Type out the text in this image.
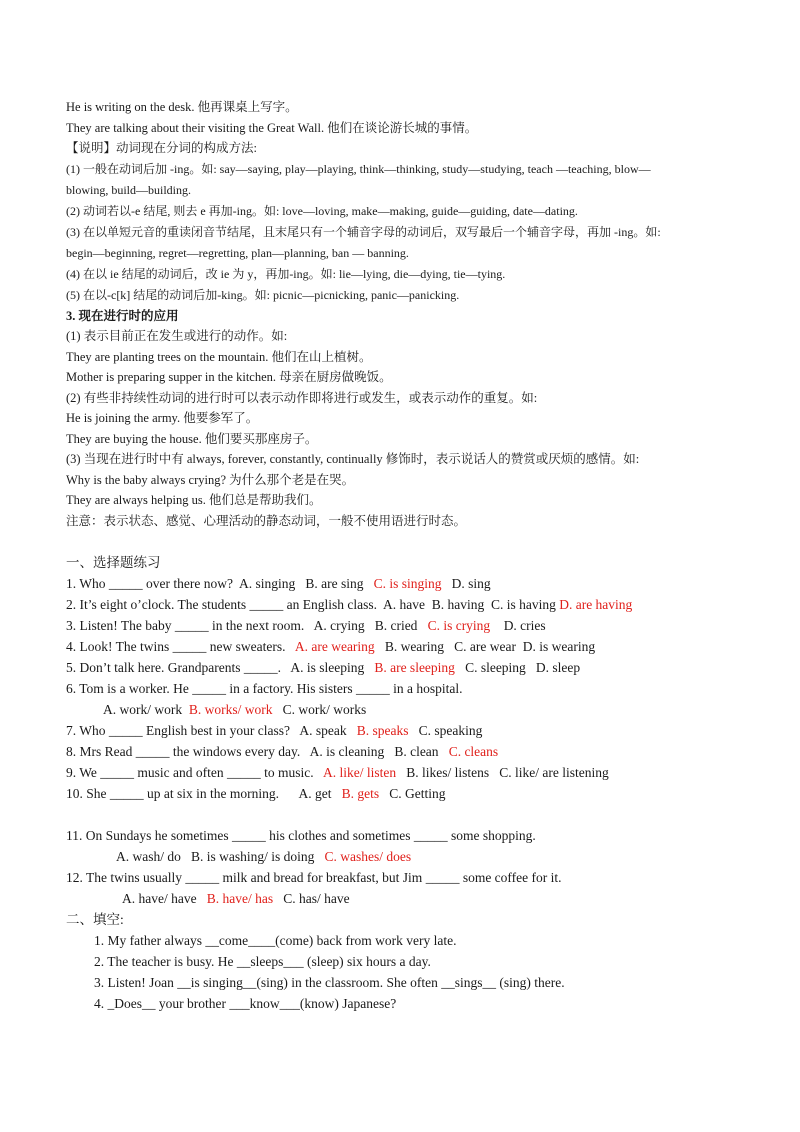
He is writing on the desk. 他再课桌上写字。
They are talking about their visiting the Great Wall. 他们在谈论游长城的事情。
【说明】动词现在分词的构成方法:
(1) 一般在动词后加 -ing。如: say—saying, play—playing, think—thinking, study—studying, teach —teaching, blow—
blowing, build—building.
(2) 动词若以-e 结尾, 则去 e 再加-ing。如: love—loving, make—making, guide—guiding, date—dating.
(3) 在以单短元音的重读闭音节结尾，且末尾只有一个辅音字母的动词后，双写最后一个辅音字母，再加 -ing。如:
begin—beginning, regret—regretting, plan—planning, ban — banning.
(4) 在以 ie 结尾的动词后，改 ie 为 y，再加-ing。如: lie—lying, die—dying, tie—tying.
(5) 在以-c[k] 结尾的动词后加-king。如: picnic—picnicking, panic—panicking.
3. 现在进行时的应用
(1) 表示目前正在发生或进行的动作。如:
They are planting trees on the mountain. 他们在山上植树。
Mother is preparing supper in the kitchen. 母亲在厨房做晚饭。
(2) 有些非持续性动词的进行时可以表示动作即将进行或发生，或表示动作的重复。如:
He is joining the army. 他要参军了。
They are buying the house. 他们要买那座房子。
(3) 当现在进行时中有 always, forever, constantly, continually 修饰时，表示说话人的赞赏或厌烦的感情。如:
Why is the baby always crying? 为什么那个老是在哭。
They are always helping us. 他们总是帮助我们。
注意：表示状态、感觉、心理活动的静态动词，一般不使用语进行时态。
一、选择题练习
1. Who _____ over there now?  A. singing   B. are sing   C. is singing   D. sing
2. It’s eight o’clock. The students _____ an English class.  A. have  B. having  C. is having D. are having
3. Listen! The baby _____ in the next room.   A. crying   B. cried   C. is crying    D. cries
4. Look! The twins _____ new sweaters.   A. are wearing   B. wearing   C. are wear  D. is wearing
5. Don’t talk here. Grandparents _____.   A. is sleeping   B. are sleeping   C. sleeping   D. sleep
6. Tom is a worker. He _____ in a factory. His sisters _____ in a hospital.
A. work/ work  B. works/ work   C. work/ works
7. Who _____ English best in your class?   A. speak   B. speaks   C. speaking
8. Mrs Read _____ the windows every day.   A. is cleaning   B. clean   C. cleans
9. We _____ music and often _____ to music.   A. like/ listen   B. likes/ listens   C. like/ are listening
10. She _____ up at six in the morning.      A. get   B. gets   C. Getting
11. On Sundays he sometimes _____ his clothes and sometimes _____ some shopping.
A. wash/ do   B. is washing/ is doing   C. washes/ does
12. The twins usually _____ milk and bread for breakfast, but Jim _____ some coffee for it.
A. have/ have   B. have/ has   C. has/ have
二、填空:
1. My father always __come____(come) back from work very late.
2. The teacher is busy. He __sleeps___ (sleep) six hours a day.
3. Listen! Joan __is singing__(sing) in the classroom. She often __sings__ (sing) there.
4. _Does__ your brother ___know___(know) Japanese?
